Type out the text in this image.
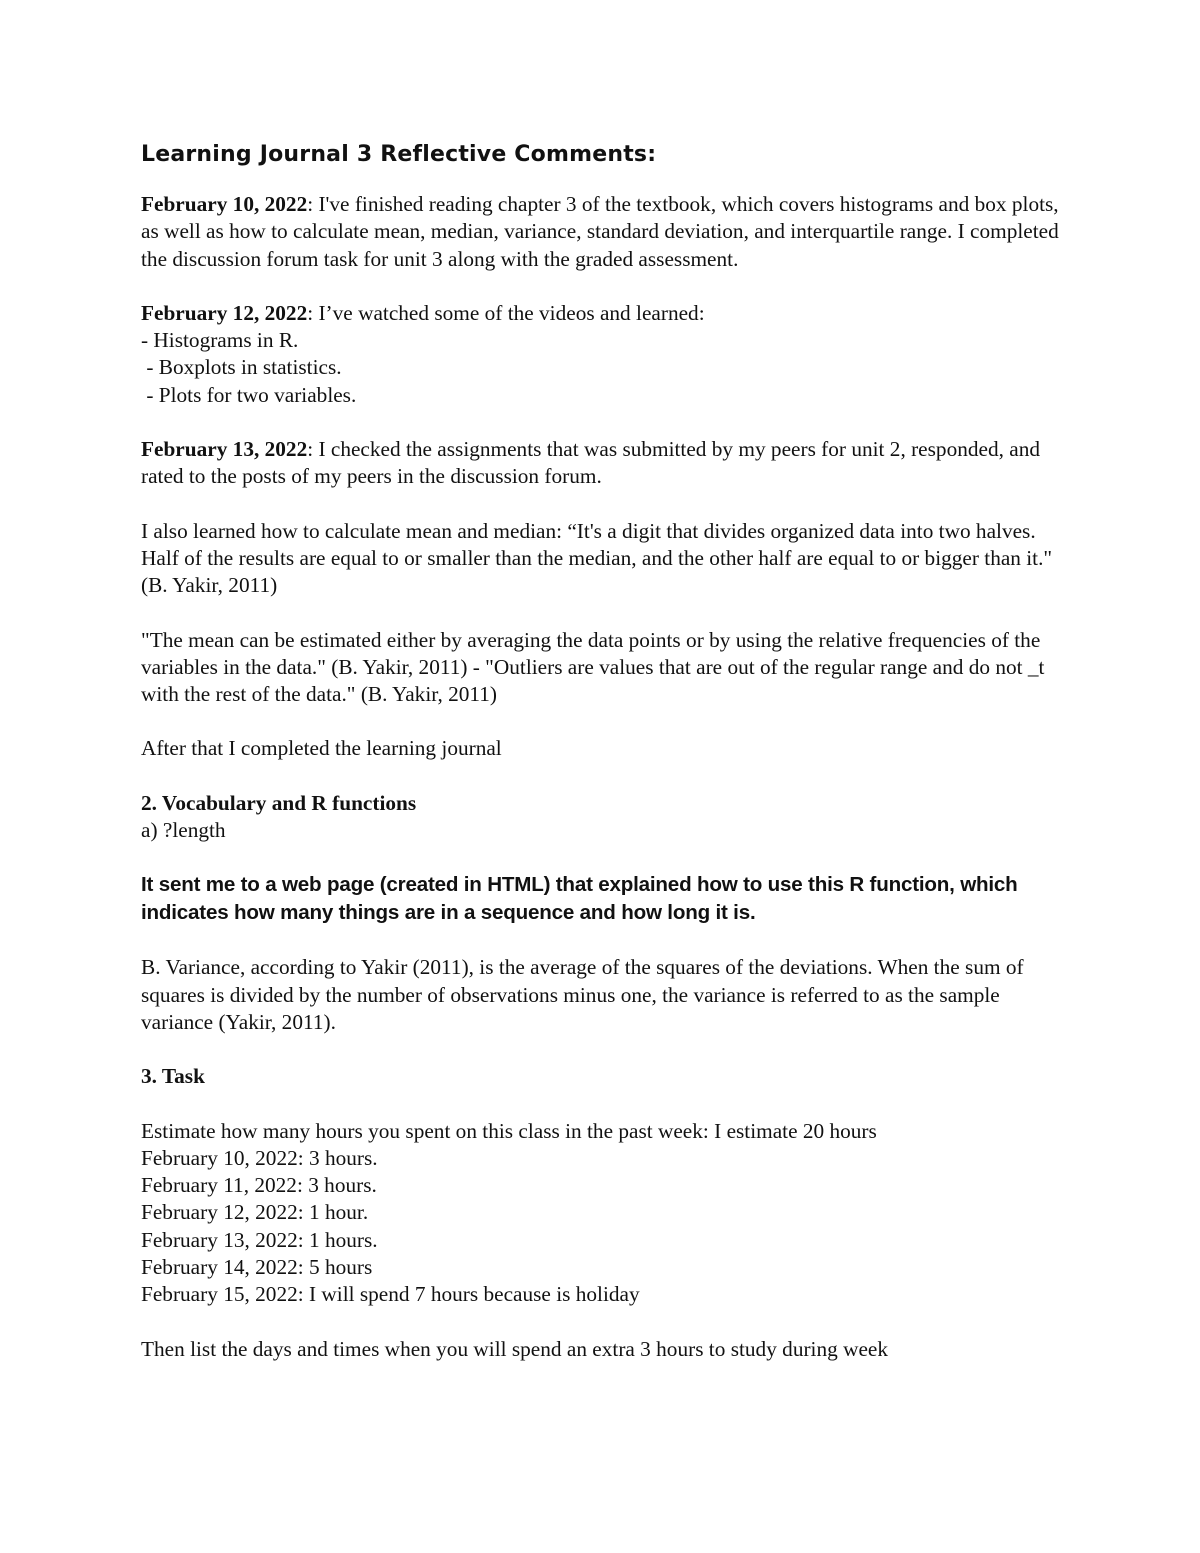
Learning Journal 3 Reflective Comments:

February 10, 2022: I've finished reading chapter 3 of the textbook, which covers histograms and box plots, as well as how to calculate mean, median, variance, standard deviation, and interquartile range. I completed the discussion forum task for unit 3 along with the graded assessment.

February 12, 2022: I’ve watched some of the videos and learned:

- Histograms in R.

- Boxplots in statistics.

- Plots for two variables.

February 13, 2022: I checked the assignments that was submitted by my peers for unit 2, responded, and rated to the posts of my peers in the discussion forum.

I also learned how to calculate mean and median: “It's a digit that divides organized data into two halves. Half of the results are equal to or smaller than the median, and the other half are equal to or bigger than it." (B. Yakir, 2011)

"The mean can be estimated either by averaging the data points or by using the relative frequencies of the variables in the data." (B. Yakir, 2011) - "Outliers are values that are out of the regular range and do not _t with the rest of the data." (B. Yakir, 2011)

After that I completed the learning journal

2. Vocabulary and R functions

a) ?length

It sent me to a web page (created in HTML) that explained how to use this R function, which indicates how many things are in a sequence and how long it is.

B. Variance, according to Yakir (2011), is the average of the squares of the deviations. When the sum of squares is divided by the number of observations minus one, the variance is referred to as the sample variance (Yakir, 2011).

3. Task

Estimate how many hours you spent on this class in the past week: I estimate 20 hours

February 10, 2022: 3 hours.

February 11, 2022: 3 hours.

February 12, 2022: 1 hour.

February 13, 2022: 1 hours.

February 14, 2022: 5 hours

February 15, 2022: I will spend 7 hours because is holiday

Then list the days and times when you will spend an extra 3 hours to study during week
